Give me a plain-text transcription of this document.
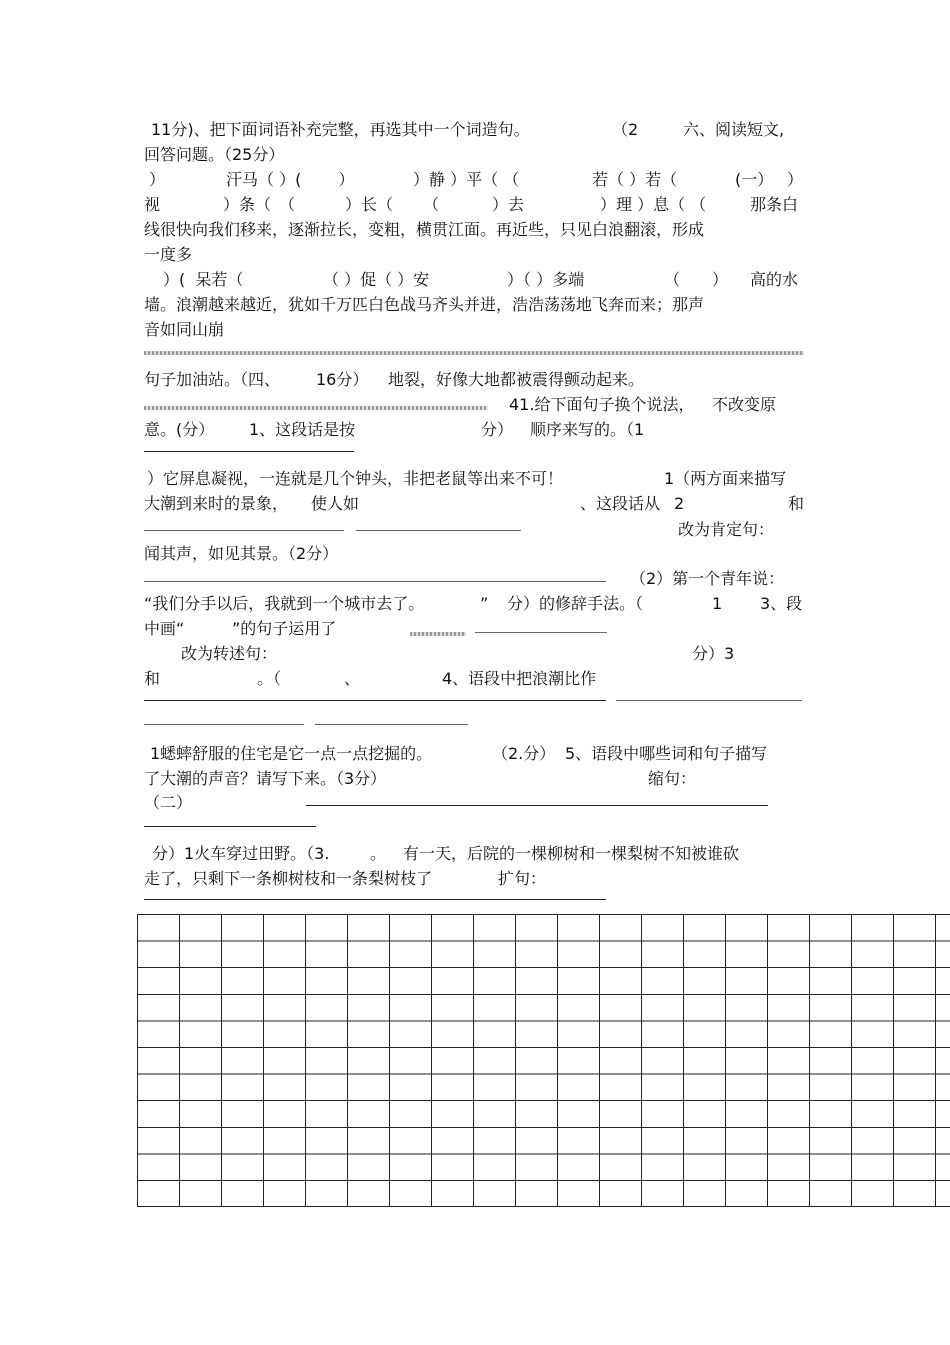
11分)、把下面词语补充完整，再选其中一个词造句。	（2	六、阅读短文,
回答问题。（25分）
）	汗马（ ）(　　 ）	）静 ）平（ （	若（ ）若（	(一） ）
视	）条（　（	）长（ （	）去	）理 ）息（ （	那条白
线很快向我们移来，逐渐拉长，变粗，横贯江面。再近些，只见白浪翻滚，形成
一度多
）(  呆若（	（ ）促（ ）安	）（ ）多端	（　　） 高的水
墙。浪潮越来越近，犹如千万匹白色战马齐头并进，浩浩荡荡地飞奔而来；那声
音如同山崩
句子加油站。（四、 16分） 地裂，好像大地都被震得颤动起来。
41.给下面句子换个说法， 不改变原
意。(分） 1、这段话是按	分） 顺序来写的。（1
）它屏息凝视，一连就是几个钟头，非把老鼠等出来不可！	1（两方面来描写
大潮到来时的景象， 使人如	、这段话从 2	和
改为肯定句：
闻其声，如见其景。（2分）
（2）第一个青年说：
“我们分手以后，我就到一个城市去了。	” 分）的修辞手法。（	1 3、段
中画“	”的句子运用了
改为转述句：	分）3
和	。（	、	4、语段中把浪潮比作
1蟋蟀舒服的住宅是它一点一点挖掘的。	（2.分） 5、语段中哪些词和句子描写
了大潮的声音？请写下来。（3分）	缩句：
（二）
分）1火车穿过田野。（3.	。 有一天，后院的一棵柳树和一棵梨树不知被谁砍
走了，只剩下一条柳树枝和一条梨树枝了	扩句：
